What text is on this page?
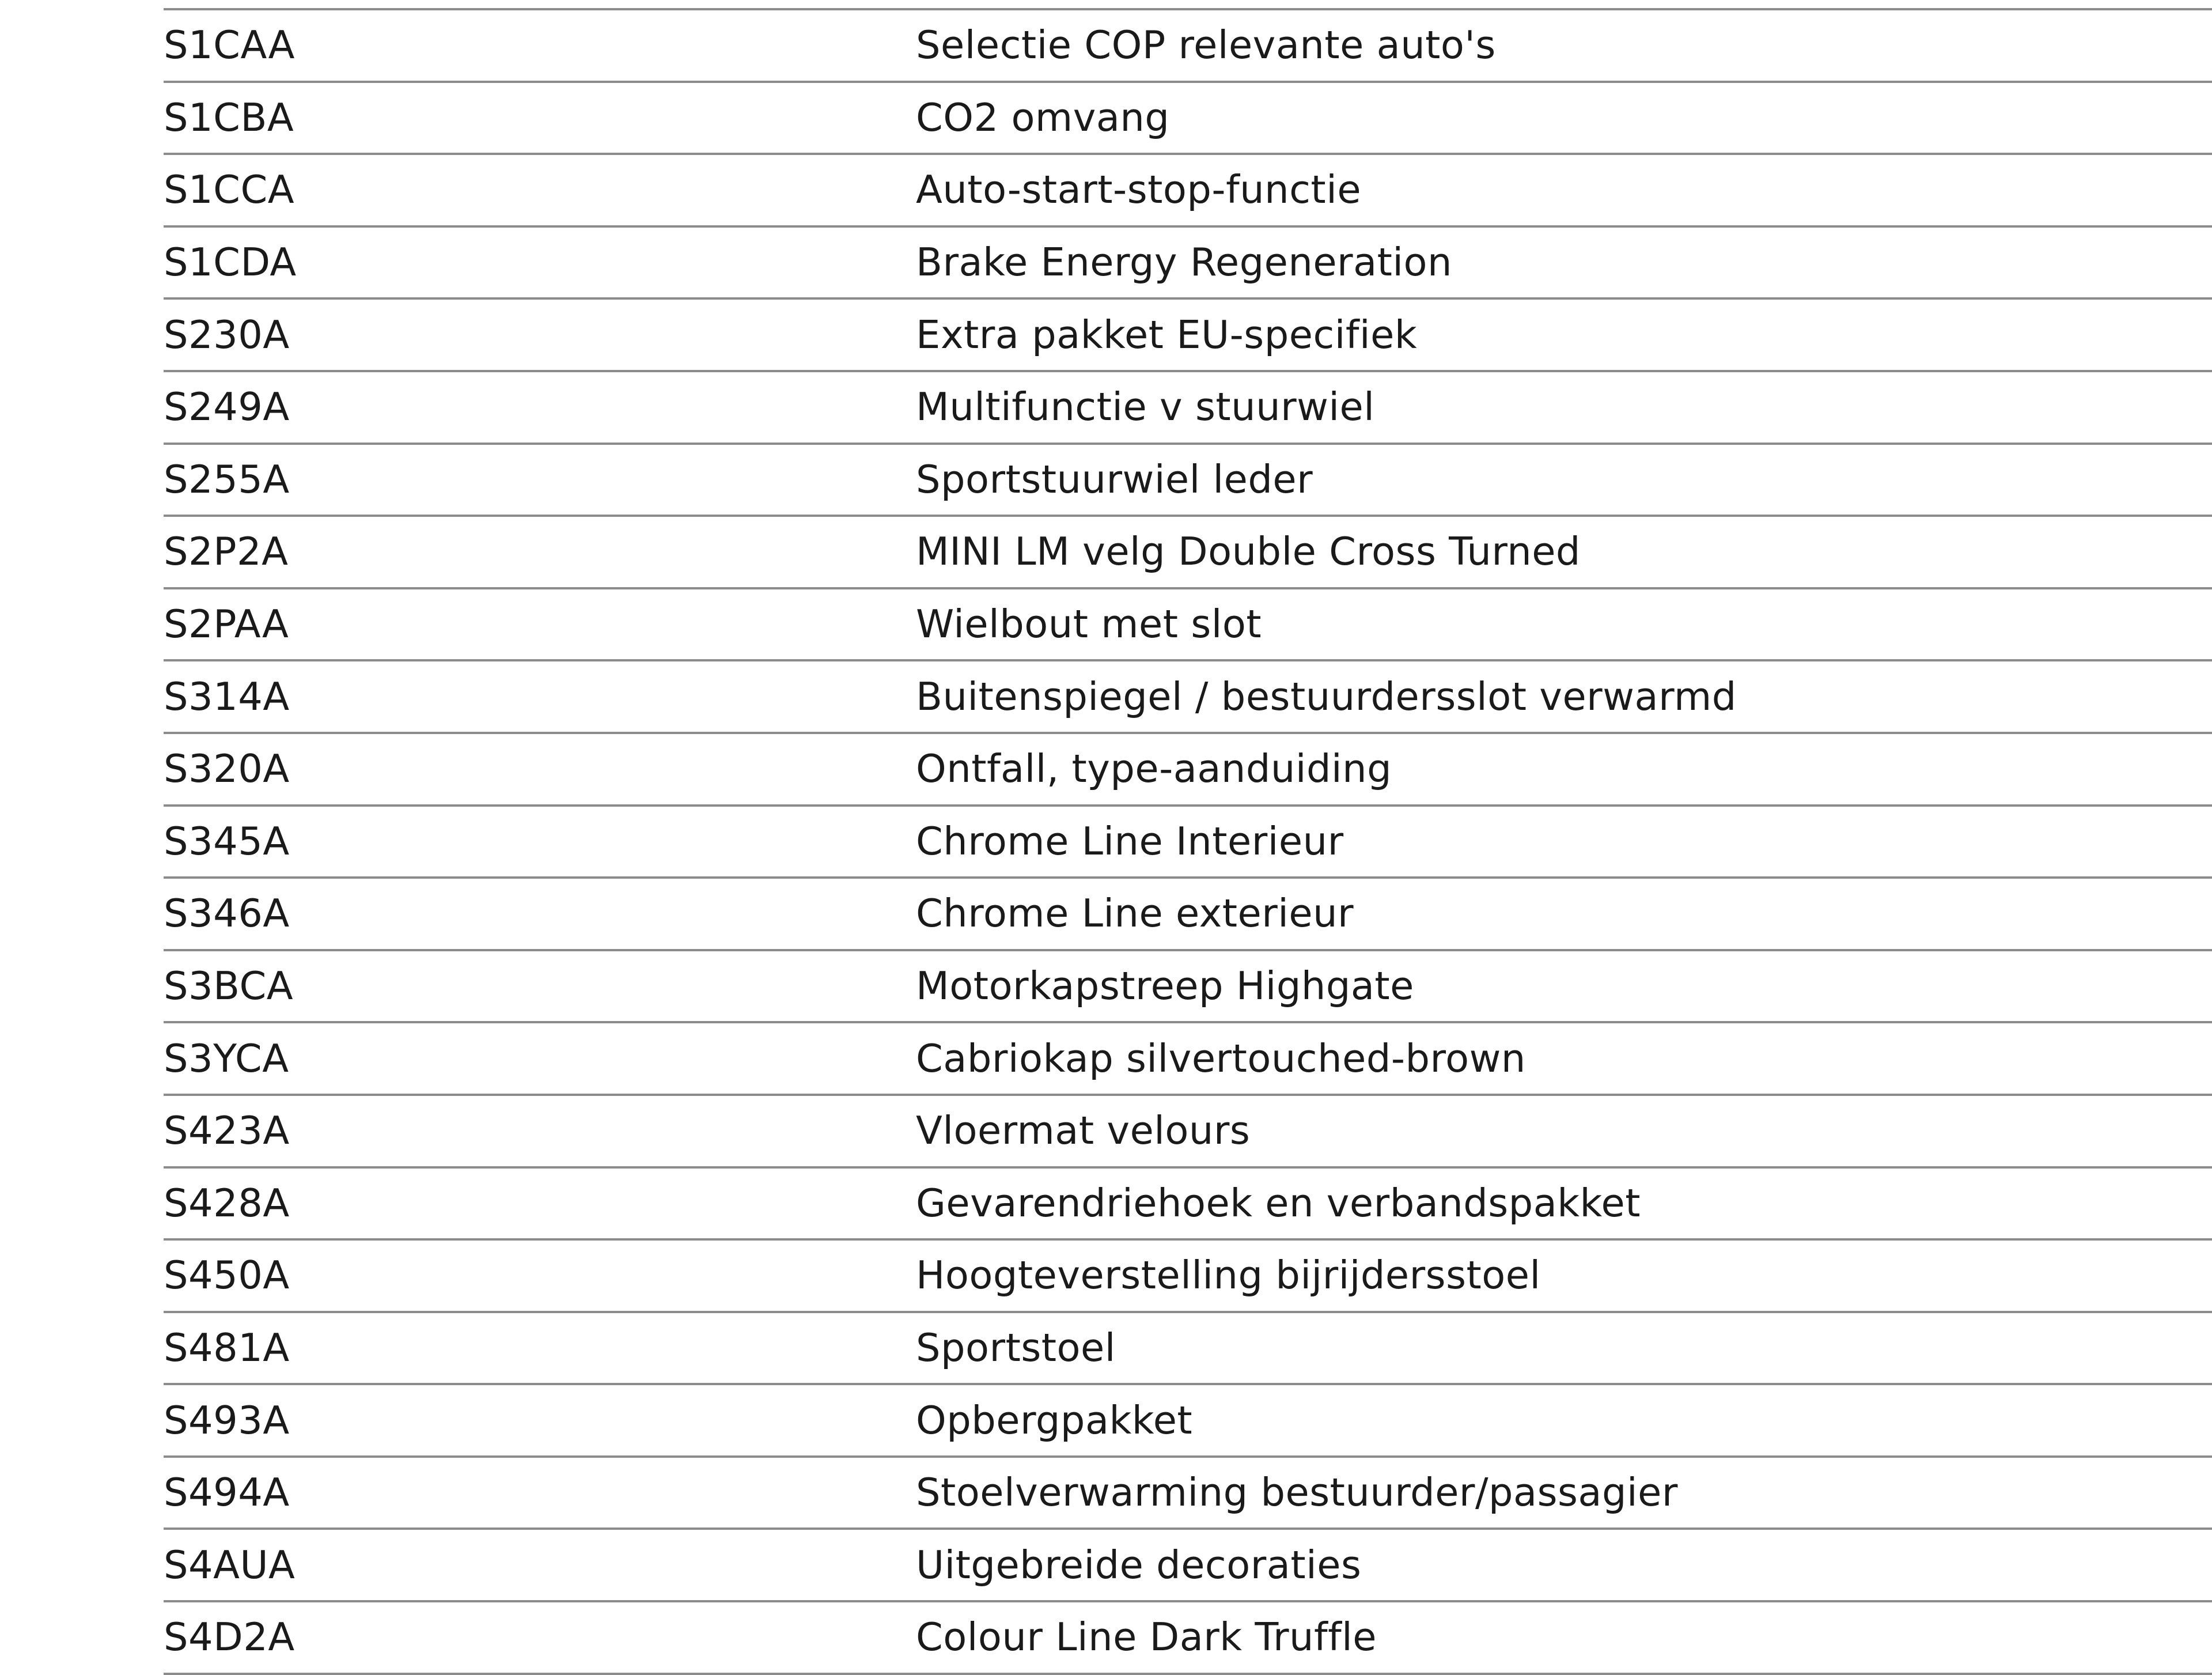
S1CAA	Selectie COP relevante auto's
S1CBA	CO2 omvang
S1CCA	Auto-start-stop-functie
S1CDA	Brake Energy Regeneration
S230A	Extra pakket EU-specifiek
S249A	Multifunctie v stuurwiel
S255A	Sportstuurwiel leder
S2P2A	MINI LM velg Double Cross Turned
S2PAA	Wielbout met slot
S314A	Buitenspiegel / bestuurdersslot verwarmd
S320A	Ontfall, type-aanduiding
S345A	Chrome Line Interieur
S346A	Chrome Line exterieur
S3BCA	Motorkapstreep Highgate
S3YCA	Cabriokap silvertouched-brown
S423A	Vloermat velours
S428A	Gevarendriehoek en verbandspakket
S450A	Hoogteverstelling bijrijdersstoel
S481A	Sportstoel
S493A	Opbergpakket
S494A	Stoelverwarming bestuurder/passagier
S4AUA	Uitgebreide decoraties
S4D2A	Colour Line Dark Truffle
